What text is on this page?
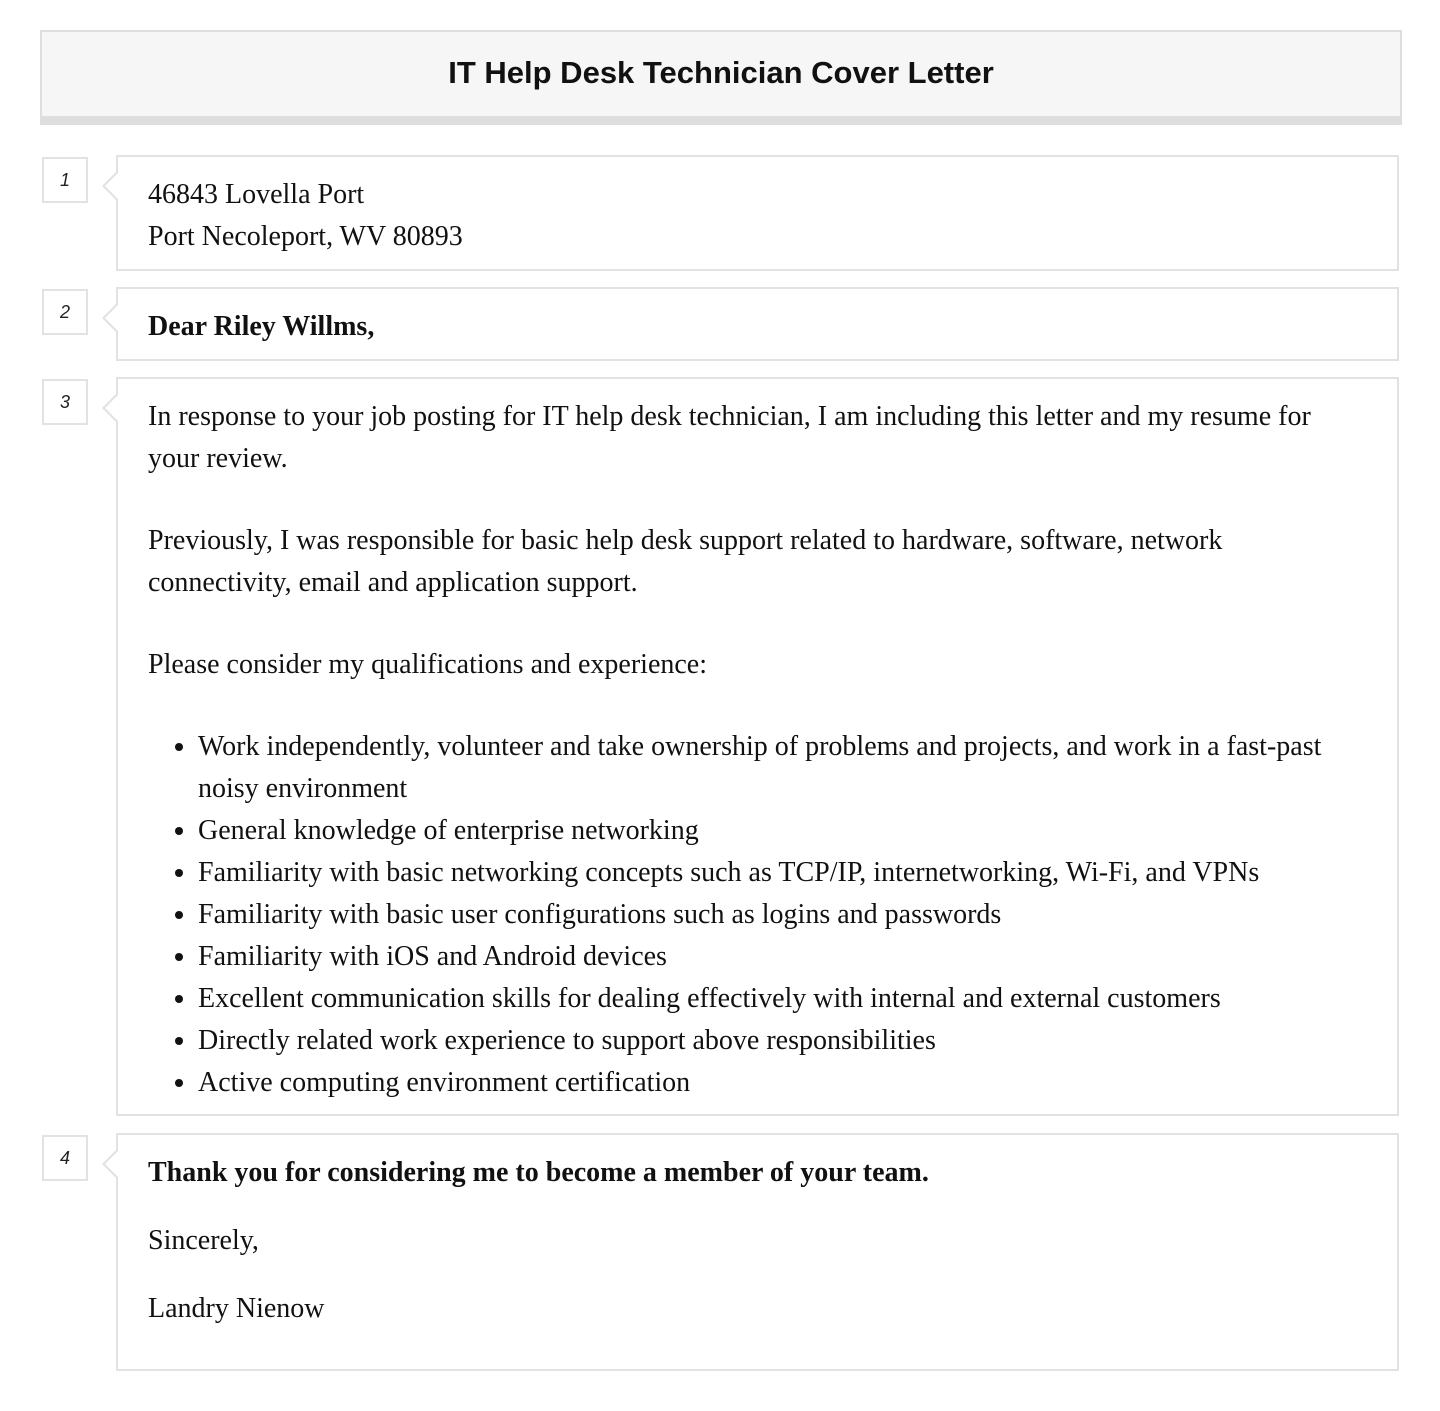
IT Help Desk Technician Cover Letter
1	46843 Lovella Port

Port Necoleport, WV 80893

2	Dear Riley Willms,

3	In response to your job posting for IT help desk technician, I am including this letter and my resume for your review.

Previously, I was responsible for basic help desk support related to hardware, software, network connectivity, email and application support.

Please consider my qualifications and experience:

• Work independently, volunteer and take ownership of problems and projects, and work in a fast-past noisy environment
• General knowledge of enterprise networking
• Familiarity with basic networking concepts such as TCP/IP, internetworking, Wi-Fi, and VPNs
• Familiarity with basic user configurations such as logins and passwords
• Familiarity with iOS and Android devices
• Excellent communication skills for dealing effectively with internal and external customers
• Directly related work experience to support above responsibilities
• Active computing environment certification
4	Thank you for considering me to become a member of your team.

Sincerely,

Landry Nienow
